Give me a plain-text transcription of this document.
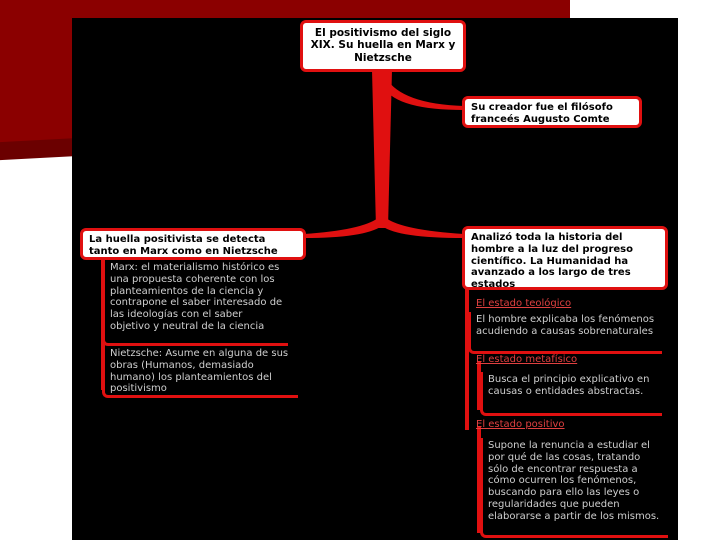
El positivismo del siglo XIX. Su huella en Marx y Nietzsche
Su creador fue el filósofo franceés Augusto Comte
La huella positivista se detecta tanto en Marx como en Nietzsche
Marx: el materialismo histórico es una propuesta coherente con los planteamientos de la ciencia y contrapone el saber interesado de las ideologías con el saber objetivo y neutral de la ciencia
Nietzsche: Asume en alguna de sus obras (Humanos, demasiado humano) los planteamientos del positivismo
Analizó toda la historia del hombre a la luz del progreso científico. La Humanidad ha avanzado a los largo de tres estados
El estado teológico
El hombre explicaba los fenómenos acudiendo a causas sobrenaturales
El estado metafísico
Busca el principio explicativo en causas o entidades abstractas.
El estado positivo
Supone la renuncia a estudiar el por qué de las cosas, tratando sólo de encontrar respuesta a cómo ocurren los fenómenos, buscando para ello las leyes o regularidades que pueden elaborarse a partir de los mismos.
